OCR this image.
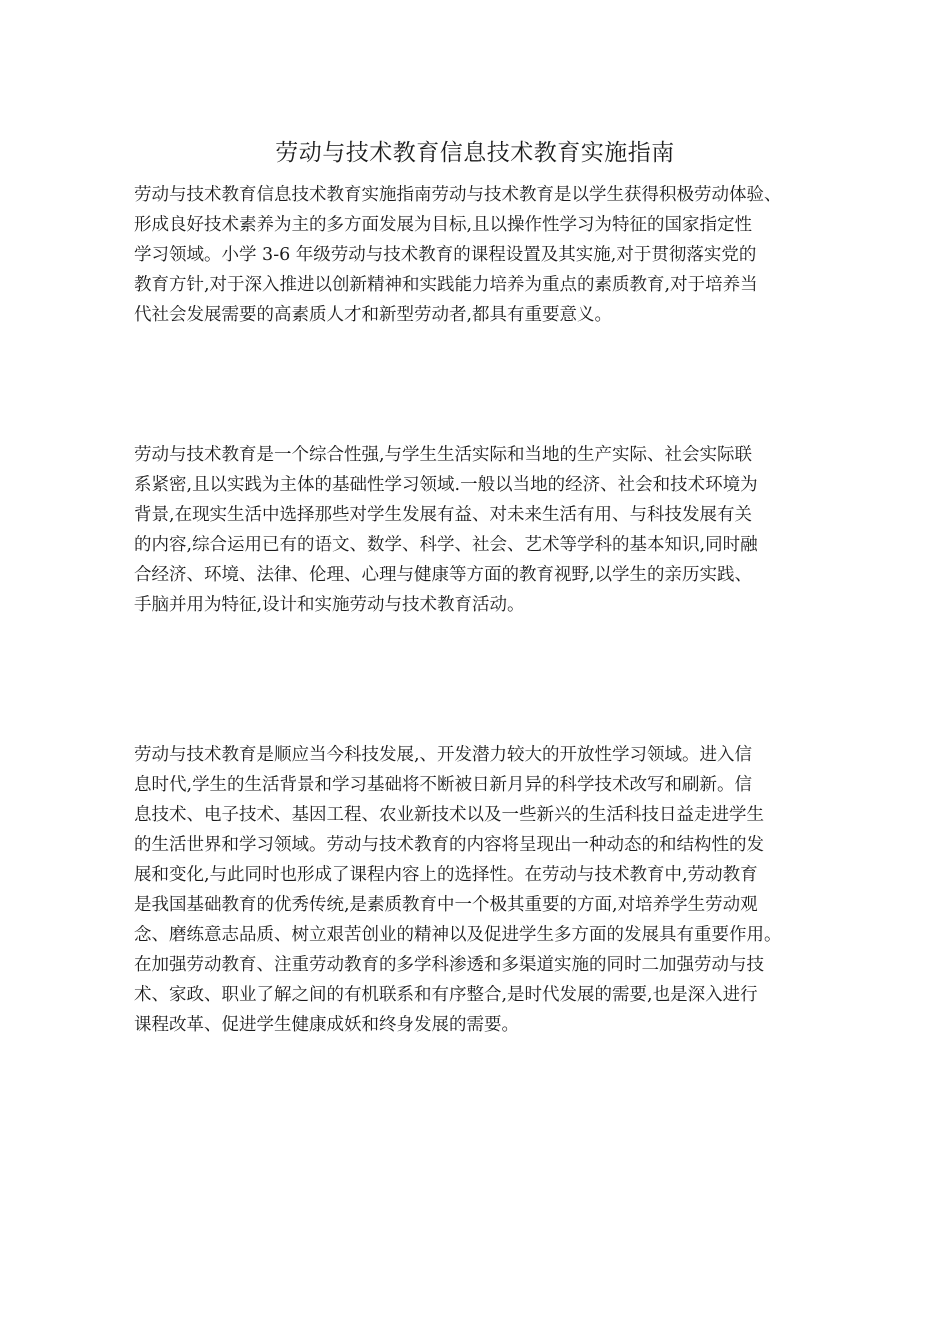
劳动与技术教育信息技术教育实施指南
劳动与技术教育信息技术教育实施指南劳动与技术教育是以学生获得积极劳动体验、
形成良好技术素养为主的多方面发展为目标,且以操作性学习为特征的国家指定性
学习领域。小学 3-6 年级劳动与技术教育的课程设置及其实施,对于贯彻落实党的
教育方针,对于深入推进以创新精神和实践能力培养为重点的素质教育,对于培养当
代社会发展需要的高素质人才和新型劳动者,都具有重要意义。
劳动与技术教育是一个综合性强,与学生生活实际和当地的生产实际、社会实际联
系紧密,且以实践为主体的基础性学习领域.一般以当地的经济、社会和技术环境为
背景,在现实生活中选择那些对学生发展有益、对未来生活有用、与科技发展有关
的内容,综合运用已有的语文、数学、科学、社会、艺术等学科的基本知识,同时融
合经济、环境、法律、伦理、心理与健康等方面的教育视野,以学生的亲历实践、
手脑并用为特征,设计和实施劳动与技术教育活动。
劳动与技术教育是顺应当今科技发展,、开发潜力较大的开放性学习领域。进入信
息时代,学生的生活背景和学习基础将不断被日新月异的科学技术改写和刷新。信
息技术、电子技术、基因工程、农业新技术以及一些新兴的生活科技日益走进学生
的生活世界和学习领域。劳动与技术教育的内容将呈现出一种动态的和结构性的发
展和变化,与此同时也形成了课程内容上的选择性。在劳动与技术教育中,劳动教育
是我国基础教育的优秀传统,是素质教育中一个极其重要的方面,对培养学生劳动观
念、磨练意志品质、树立艰苦创业的精神以及促进学生多方面的发展具有重要作用。
在加强劳动教育、注重劳动教育的多学科渗透和多渠道实施的同时二加强劳动与技
术、家政、职业了解之间的有机联系和有序整合,是时代发展的需要,也是深入进行
课程改革、促进学生健康成妖和终身发展的需要。
